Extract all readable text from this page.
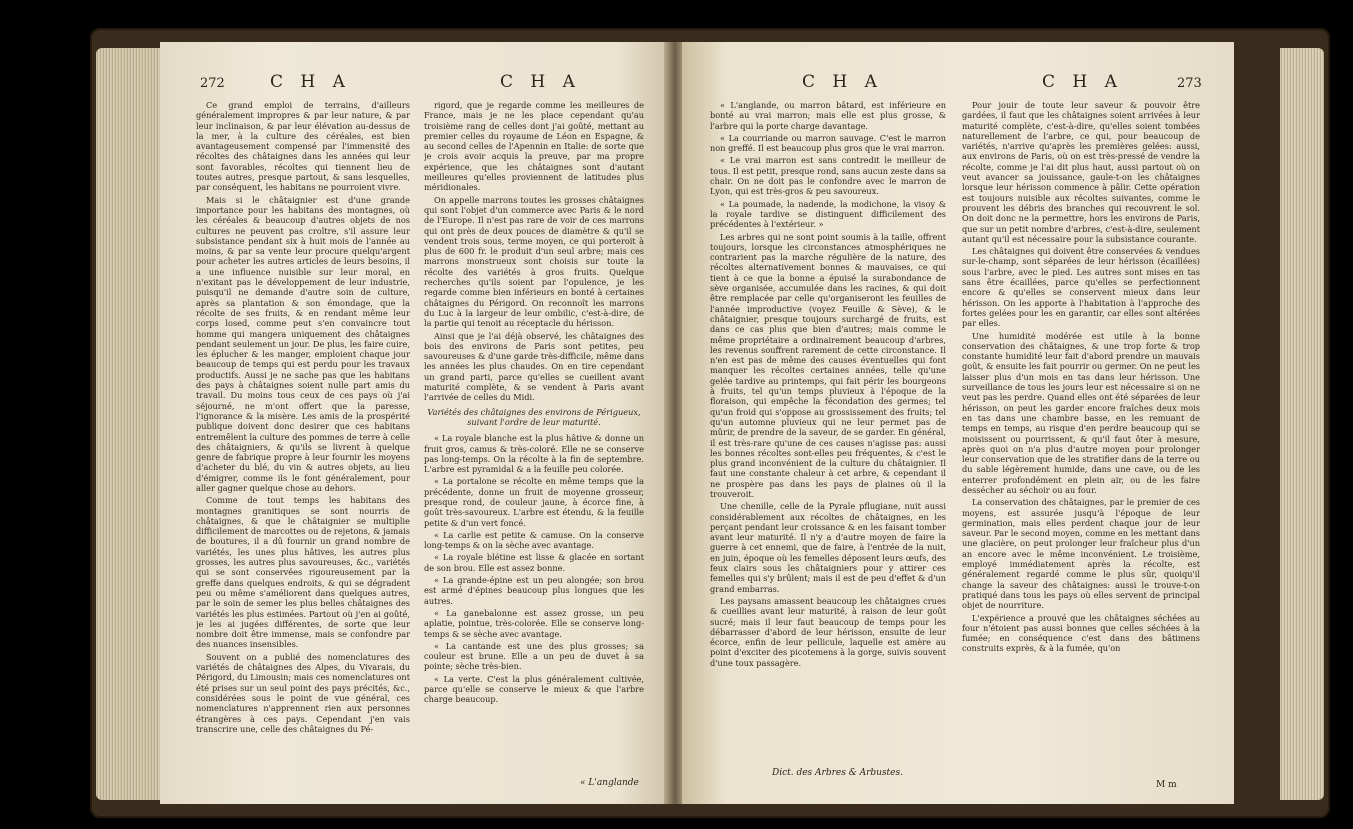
272	C H A	C H A

Ce grand emploi de terrains, d'ailleurs généralement impropres & par leur nature, & par leur inclinaison, & par leur élévation au-dessus de la mer, à la culture des céréales, est bien avantageusement compensé par l'immensité des récoltes des châtaignes dans les années qui leur sont favorables, récoltes qui tiennent lieu de toutes autres, presque partout, & sans lesquelles, par conséquent, les habitans ne pourroient vivre.

Mais si le châtaignier est d'une grande importance pour les habitans des montagnes, où les céréales & beaucoup d'autres objets de nos cultures ne peuvent pas croître, s'il assure leur subsistance pendant six à huit mois de l'année au moins, & par sa vente leur procure quelqu'argent pour acheter les autres articles de leurs besoins, il a une influence nuisible sur leur moral, en n'exitant pas le développement de leur industrie, puisqu'il ne demande d'autre soin de culture, après sa plantation & son émondage, que la récolte de ses fruits, & en rendant même leur corps losed, comme peut s'en convaincre tout homme qui mangera uniquement des châtaignes pendant seulement un jour. De plus, les faire cuire, les éplucher & les manger, emploient chaque jour beaucoup de temps qui est perdu pour les travaux productifs. Aussi je ne sache pas que les habitans des pays à châtaignes soient nulle part amis du travail. Du moins tous ceux de ces pays où j'ai séjourné, ne m'ont offert que la paresse, l'ignorance & la misère. Les amis de la prospérité publique doivent donc desirer que ces habitans entremêlent la culture des pommes de terre à celle des châtaigniers, & qu'ils se livrent à quelque genre de fabrique propre à leur fournir les moyens d'acheter du blé, du vin & autres objets, au lieu d'émigrer, comme ils le font généralement, pour aller gagner quelque chose au dehors.

Comme de tout temps les habitans des montagnes granitiques se sont nourris de châtaignes, & que le châtaignier se multiplie difficilement de marcottes ou de rejetons, & jamais de boutures, il a dû fournir un grand nombre de variétés, les unes plus hâtives, les autres plus grosses, les autres plus savoureuses, &c., variétés qui se sont conservées rigoureusement par la greffe dans quelques endroits, & qui se dégradent peu ou même s'améliorent dans quelques autres, par le soin de semer les plus belles châtaignes des variétés les plus estimées. Partout où j'en ai goûté, je les ai jugées différentes, de sorte que leur nombre doit être immense, mais se confondre par des nuances insensibles.

Souvent on a publié des nomenclatures des variétés de châtaignes des Alpes, du Vivarais, du Périgord, du Limousin; mais ces nomenclatures ont été prises sur un seul point des pays précités, &c., considérées sous le point de vue général, ces nomenclatures n'apprennent rien aux personnes étrangères à ces pays. Cependant j'en vais transcrire une, celle des châtaignes du Pé-

rigord, que je regarde comme les meilleures de France, mais je ne les place cependant qu'au troisième rang de celles dont j'ai goûté, mettant au premier celles du royaume de Léon en Espagne, & au second celles de l'Apennin en Italie: de sorte que je crois avoir acquis la preuve, par ma propre expérience, que les châtaignes sont d'autant meilleures qu'elles proviennent de latitudes plus méridionales.

On appelle marrons toutes les grosses châtaignes qui sont l'objet d'un commerce avec Paris & le nord de l'Europe. Il n'est pas rare de voir de ces marrons qui ont près de deux pouces de diamètre & qu'il se vendent trois sous, terme moyen, ce qui porteroit à plus de 600 fr. le produit d'un seul arbre; mais ces marrons monstrueux sont choisis sur toute la récolte des variétés à gros fruits. Quelque recherches qu'ils soient par l'opulence, je les regarde comme bien inférieurs en bonté à certaines châtaignes du Périgord. On reconnoît les marrons du Luc à la largeur de leur ombilic, c'est-à-dire, de la partie qui tenoit au réceptacle du hérisson.

Ainsi que je l'ai déjà observé, les châtaignes des bois des environs de Paris sont petites, peu savoureuses & d'une garde très-difficile, même dans les années les plus chaudes. On en tire cependant un grand parti, parce qu'elles se cueillent avant maturité complète, & se vendent à Paris avant l'arrivée de celles du Midi.

Variétés des châtaignes des environs de Périgueux, suivant l'ordre de leur maturité.

« La royale blanche est la plus hâtive & donne un fruit gros, camus & très-coloré. Elle ne se conserve pas long-temps. On la récolte à la fin de septembre. L'arbre est pyramidal & a la feuille peu colorée.

« La portalone se récolte en même temps que la précédente, donne un fruit de moyenne grosseur, presque rond, de couleur jaune, à écorce fine, à goût très-savoureux. L'arbre est étendu, & la feuille petite & d'un vert foncé.

« La carlie est petite & camuse. On la conserve long-temps & on la sèche avec avantage.

« La royale blétine est lisse & glacée en sortant de son brou. Elle est assez bonne.

« La grande-épine est un peu alongée; son brou est armé d'épines beaucoup plus longues que les autres.

« La ganebalonne est assez grosse, un peu aplatie, pointue, très-colorée. Elle se conserve long-temps & se sèche avec avantage.

« La cantande est une des plus grosses; sa couleur est brune. Elle a un peu de duvet à sa pointe; sèche très-bien.

« La verte. C'est la plus généralement cultivée, parce qu'elle se conserve le mieux & que l'arbre charge beaucoup.

« L'anglande
C H A	C H A	273

« L'anglande, ou marron bâtard, est inférieure en bonté au vrai marron; mais elle est plus grosse, & l'arbre qui la porte charge davantage.

« La courriande ou marron sauvage. C'est le marron non greffé. Il est beaucoup plus gros que le vrai marron.

« Le vrai marron est sans contredit le meilleur de tous. Il est petit, presque rond, sans aucun zeste dans sa chair. On ne doit pas le confondre avec le marron de Lyon, qui est très-gros & peu savoureux.

« La poumade, la nadende, la modichone, la visoy & la royale tardive se distinguent difficilement des précédentes à l'extérieur. »

Les arbres qui ne sont point soumis à la taille, offrent toujours, lorsque les circonstances atmosphériques ne contrarient pas la marche régulière de la nature, des récoltes alternativement bonnes & mauvaises, ce qui tient à ce que la bonne a épuisé la surabondance de sève organisée, accumulée dans les racines, & qui doit être remplacée par celle qu'organiseront les feuilles de l'année improductive (voyez Feuille & Sève), & le châtaignier, presque toujours surchargé de fruits, est dans ce cas plus que bien d'autres; mais comme le même propriétaire a ordinairement beaucoup d'arbres, les revenus souffrent rarement de cette circonstance. Il n'en est pas de même des causes éventuelles qui font manquer les récoltes certaines années, telle qu'une gelée tardive au printemps, qui fait périr les bourgeons à fruits, tel qu'un temps pluvieux à l'époque de la floraison, qui empêche la fécondation des germes; tel qu'un froid qui s'oppose au grossissement des fruits; tel qu'un automne pluvieux qui ne leur permet pas de mûrir, de prendre de la saveur, de se garder. En général, il est très-rare qu'une de ces causes n'agisse pas: aussi les bonnes récoltes sont-elles peu fréquentes, & c'est le plus grand inconvénient de la culture du châtaignier. Il faut une constante chaleur à cet arbre, & cependant il ne prospère pas dans les pays de plaines où il la trouveroit.

Une chenille, celle de la Pyrale pflugiane, nuit aussi considérablement aux récoltes de châtaignes, en les perçant pendant leur croissance & en les faisant tomber avant leur maturité. Il n'y a d'autre moyen de faire la guerre à cet ennemi, que de faire, à l'entrée de la nuit, en juin, époque où les femelles déposent leurs œufs, des feux clairs sous les châtaigniers pour y attirer ces femelles qui s'y brûlent; mais il est de peu d'effet & d'un grand embarras.

Les paysans amassent beaucoup les châtaignes crues & cueillies avant leur maturité, à raison de leur goût sucré; mais il leur faut beaucoup de temps pour les débarrasser d'abord de leur hérisson, ensuite de leur écorce, enfin de leur pellicule, laquelle est amère au point d'exciter des picotemens à la gorge, suivis souvent d'une toux passagère.

Dict. des Arbres & Arbustes.

Pour jouir de toute leur saveur & pouvoir être gardées, il faut que les châtaignes soient arrivées à leur maturité complète, c'est-à-dire, qu'elles soient tombées naturellement de l'arbre, ce qui, pour beaucoup de variétés, n'arrive qu'après les premières gelées: aussi, aux environs de Paris, où on est très-pressé de vendre la récolte, comme je l'ai dit plus haut, aussi partout où on veut avancer sa jouissance, gaule-t-on les châtaignes lorsque leur hérisson commence à pâlir. Cette opération est toujours nuisible aux récoltes suivantes, comme le prouvent les débris des branches qui recouvrent le sol. On doit donc ne la permettre, hors les environs de Paris, que sur un petit nombre d'arbres, c'est-à-dire, seulement autant qu'il est nécessaire pour la subsistance courante.

Les châtaignes qui doivent être conservées & vendues sur-le-champ, sont séparées de leur hérisson (écaillées) sous l'arbre, avec le pied. Les autres sont mises en tas sans être écaillées, parce qu'elles se perfectionnent encore & qu'elles se conservent mieux dans leur hérisson. On les apporte à l'habitation à l'approche des fortes gelées pour les en garantir, car elles sont altérées par elles.

Une humidité modérée est utile à la bonne conservation des châtaignes, & une trop forte & trop constante humidité leur fait d'abord prendre un mauvais goût, & ensuite les fait pourrir ou germer. On ne peut les laisser plus d'un mois en tas dans leur hérisson. Une surveillance de tous les jours leur est nécessaire si on ne veut pas les perdre. Quand elles ont été séparées de leur hérisson, on peut les garder encore fraîches deux mois en tas dans une chambre basse, en les remuant de temps en temps, au risque d'en perdre beaucoup qui se moisissent ou pourrissent, & qu'il faut ôter à mesure, après quoi on n'a plus d'autre moyen pour prolonger leur conservation que de les stratifier dans de la terre ou du sable légèrement humide, dans une cave, ou de les enterrer profondément en plein air, ou de les faire dessécher au séchoir ou au four.

La conservation des châtaignes, par le premier de ces moyens, est assurée jusqu'à l'époque de leur germination, mais elles perdent chaque jour de leur saveur. Par le second moyen, comme en les mettant dans une glacière, on peut prolonger leur fraîcheur plus d'un an encore avec le même inconvénient. Le troisième, employé immédiatement après la récolte, est généralement regardé comme le plus sûr, quoiqu'il change la saveur des châtaignes: aussi le trouve-t-on pratiqué dans tous les pays où elles servent de principal objet de nourriture.

L'expérience a prouvé que les châtaignes séchées au four n'étoient pas aussi bonnes que celles séchées à la fumée; en conséquence c'est dans des bâtimens construits exprès, & à la fumée, qu'on

M m
